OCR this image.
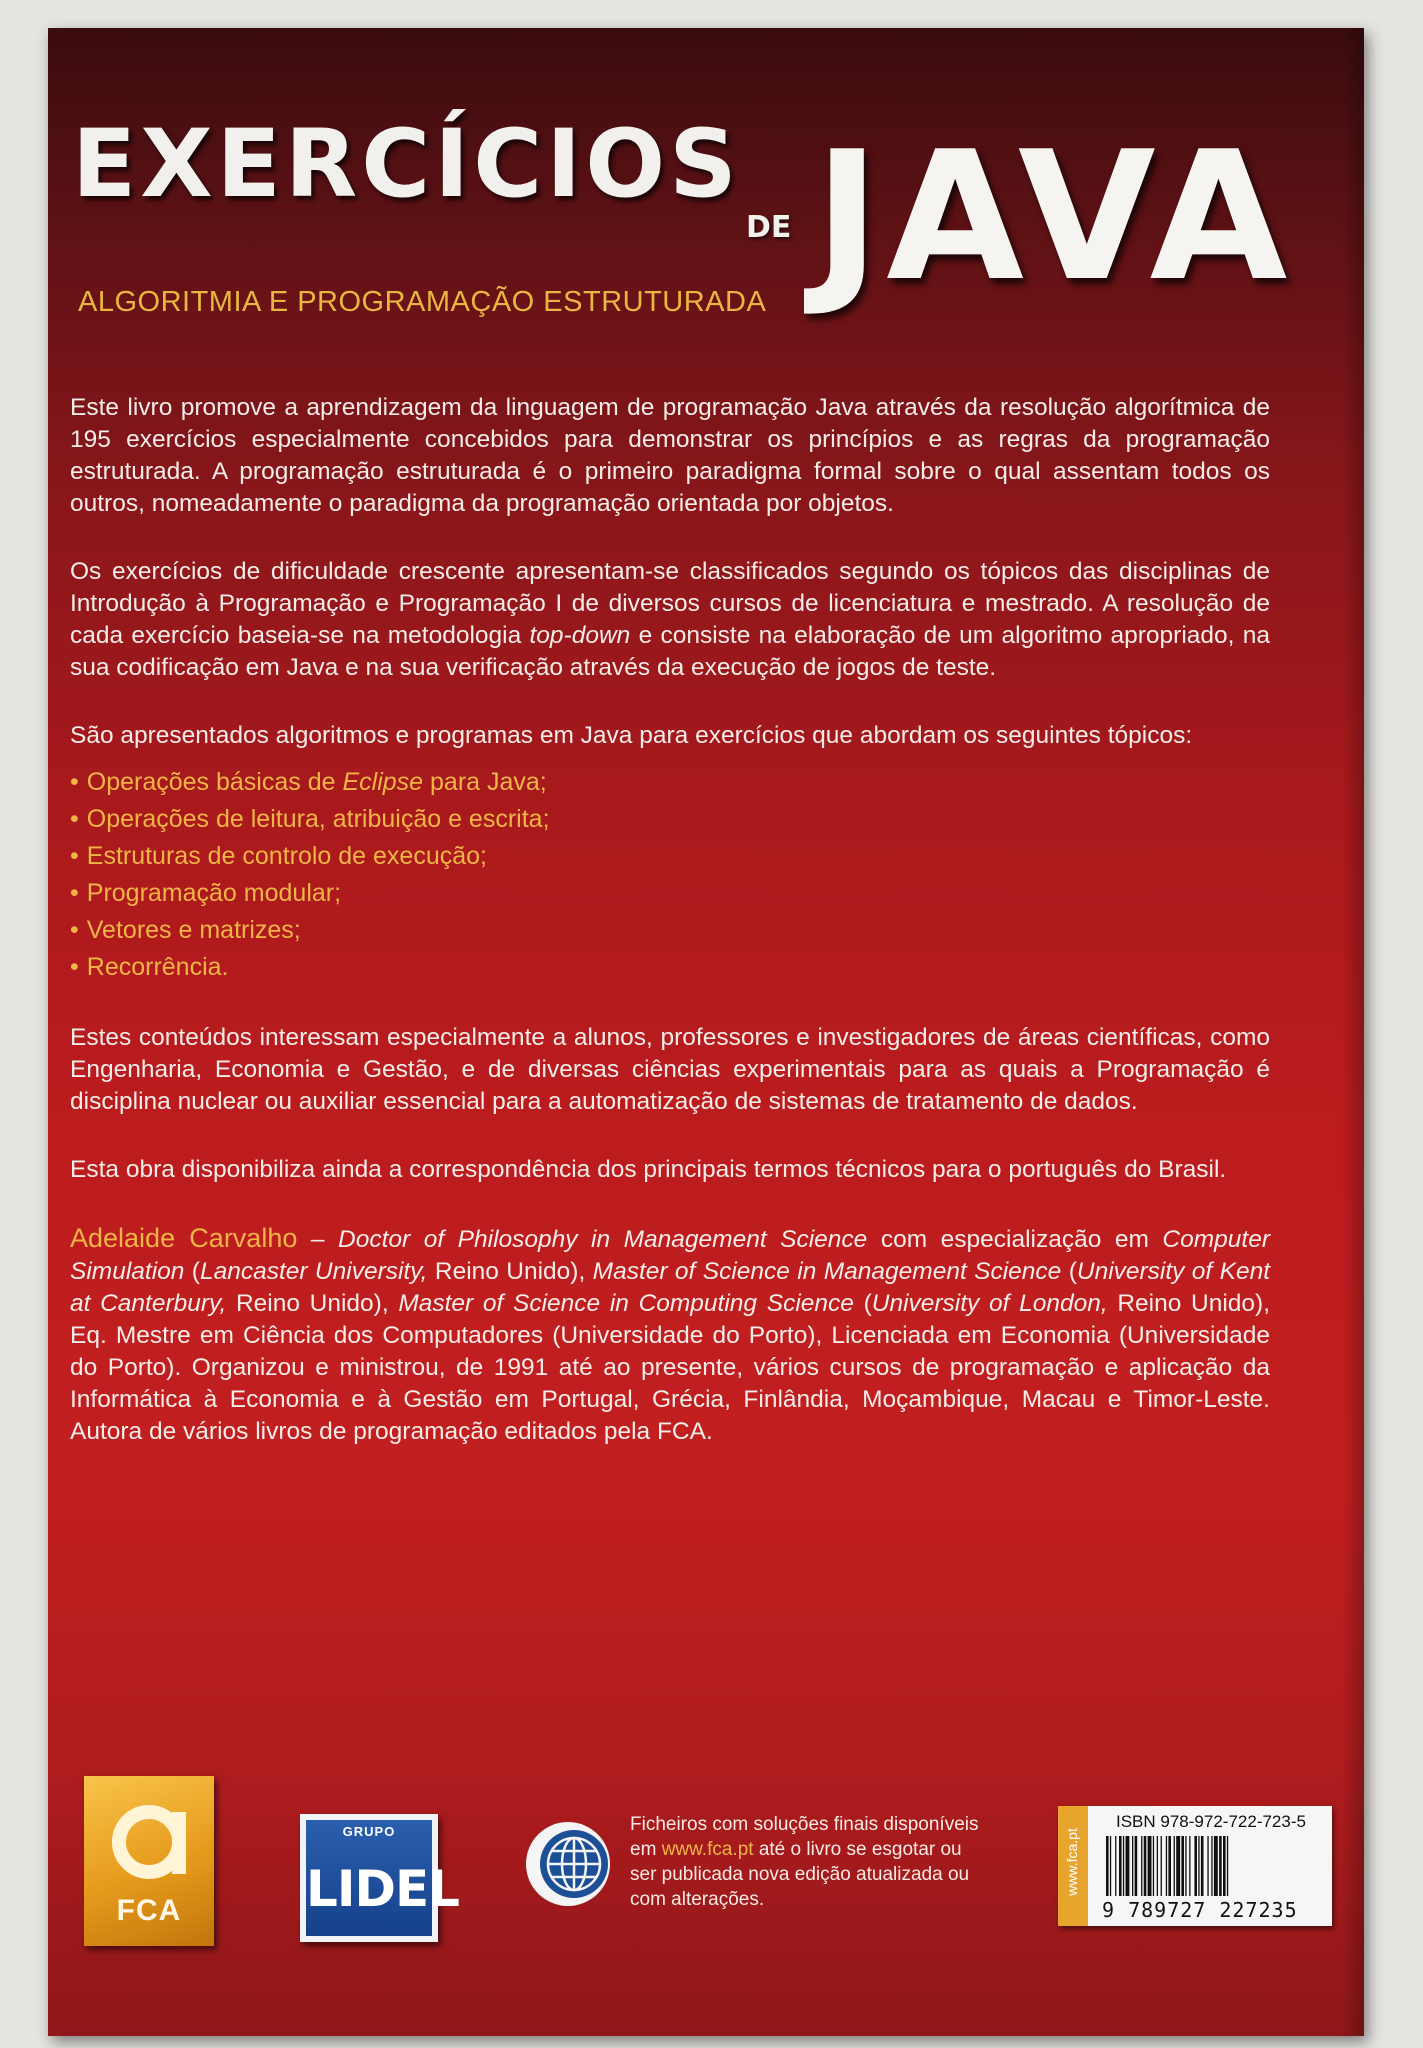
EXERCÍCIOS
DE JAVA
ALGORITMIA E PROGRAMAÇÃO ESTRUTURADA

Este livro promove a aprendizagem da linguagem de programação Java através da resolução algorítmica de 195 exercícios especialmente concebidos para demonstrar os princípios e as regras da programação estruturada. A programação estruturada é o primeiro paradigma formal sobre o qual assentam todos os outros, nomeadamente o paradigma da programação orientada por objetos.

Os exercícios de dificuldade crescente apresentam-se classificados segundo os tópicos das disciplinas de Introdução à Programação e Programação I de diversos cursos de licenciatura e mestrado. A resolução de cada exercício baseia-se na metodologia top-down e consiste na elaboração de um algoritmo apropriado, na sua codificação em Java e na sua verificação através da execução de jogos de teste.

São apresentados algoritmos e programas em Java para exercícios que abordam os seguintes tópicos:

• Operações básicas de Eclipse para Java;
• Operações de leitura, atribuição e escrita;
• Estruturas de controlo de execução;
• Programação modular;
• Vetores e matrizes;
• Recorrência.

Estes conteúdos interessam especialmente a alunos, professores e investigadores de áreas científicas, como Engenharia, Economia e Gestão, e de diversas ciências experimentais para as quais a Programação é disciplina nuclear ou auxiliar essencial para a automatização de sistemas de tratamento de dados.

Esta obra disponibiliza ainda a correspondência dos principais termos técnicos para o português do Brasil.

Adelaide Carvalho – Doctor of Philosophy in Management Science com especialização em Computer Simulation (Lancaster University, Reino Unido), Master of Science in Management Science (University of Kent at Canterbury, Reino Unido), Master of Science in Computing Science (University of London, Reino Unido), Eq. Mestre em Ciência dos Computadores (Universidade do Porto), Licenciada em Economia (Universidade do Porto). Organizou e ministrou, de 1991 até ao presente, vários cursos de programação e aplicação da Informática à Economia e à Gestão em Portugal, Grécia, Finlândia, Moçambique, Macau e Timor-Leste. Autora de vários livros de programação editados pela FCA.

FCA
GRUPO
LIDEL
Ficheiros com soluções finais disponíveis em www.fca.pt até o livro se esgotar ou ser publicada nova edição atualizada ou com alterações.
www.fca.pt
ISBN 978-972-722-723-5
9 789727 227235
